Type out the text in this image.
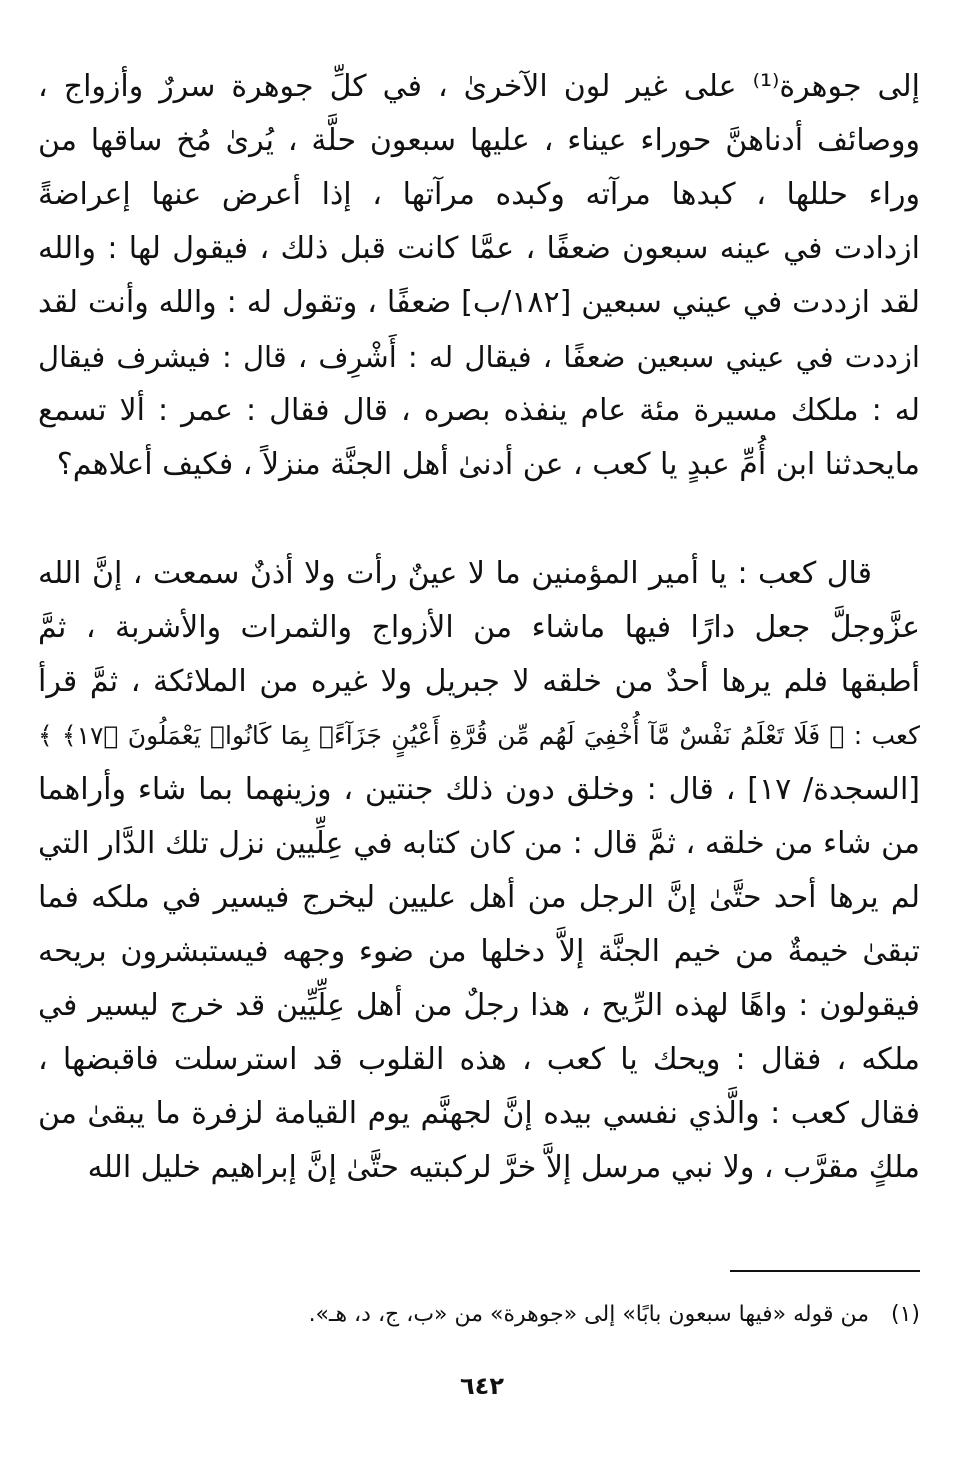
إلى جوهرة⁽¹⁾ على غير لون الآخرىٰ ، في كلِّ جوهرة سررٌ وأزواج ،
ووصائف أدناهنَّ حوراء عيناء ، عليها سبعون حلَّة ، يُرىٰ مُخ ساقها من
وراء حللها ، كبدها مرآته وكبده مرآتها ، إذا أعرض عنها إعراضةً
ازدادت في عينه سبعون ضعفًا ، عمَّا كانت قبل ذلك ، فيقول لها : والله
لقد ازددت في عيني سبعين [١٨٢/ب] ضعفًا ، وتقول له : والله وأنت لقد
ازددت في عيني سبعين ضعفًا ، فيقال له : أَشْرِف ، قال : فيشرف فيقال
له : ملكك مسيرة مئة عام ينفذه بصره ، قال فقال : عمر : ألا تسمع
مايحدثنا ابن أُمِّ عبدٍ يا كعب ، عن أدنىٰ أهل الجنَّة منزلاً ، فكيف أعلاهم؟
قال كعب : يا أمير المؤمنين ما لا عينٌ رأت ولا أذنٌ سمعت ، إنَّ الله
عزَّوجلَّ جعل دارًا فيها ماشاء من الأزواج والثمرات والأشربة ، ثمَّ
أطبقها فلم يرها أحدٌ من خلقه لا جبريل ولا غيره من الملائكة ، ثمَّ قرأ
كعب : ﴿ فَلَا تَعْلَمُ نَفْسٌ مَّآ أُخْفِيَ لَهُم مِّن قُرَّةِ أَعْيُنٍ جَزَآءًۢ بِمَا كَانُوا۟ يَعْمَلُونَ ﴿١٧﴾ ﴾
[السجدة/ ١٧] ، قال : وخلق دون ذلك جنتين ، وزينهما بما شاء وأراهما
من شاء من خلقه ، ثمَّ قال : من كان كتابه في عِلِّيين نزل تلك الدَّار التي
لم يرها أحد حتَّىٰ إنَّ الرجل من أهل عليين ليخرج فيسير في ملكه فما
تبقىٰ خيمةٌ من خيم الجنَّة إلاَّ دخلها من ضوء وجهه فيستبشرون بريحه
فيقولون : واهًا لهذه الرِّيح ، هذا رجلٌ من أهل عِلِّيِّين قد خرج ليسير في
ملكه ، فقال : ويحك يا كعب ، هذه القلوب قد استرسلت فاقبضها ،
فقال كعب : والَّذي نفسي بيده إنَّ لجهنَّم يوم القيامة لزفرة ما يبقىٰ من
ملكٍ مقرَّب ، ولا نبي مرسل إلاَّ خرَّ لركبتيه حتَّىٰ إنَّ إبراهيم خليل الله
(١)من قوله «فيها سبعون بابًا» إلى «جوهرة» من «ب، ج، د، هـ».
٦٤٢
